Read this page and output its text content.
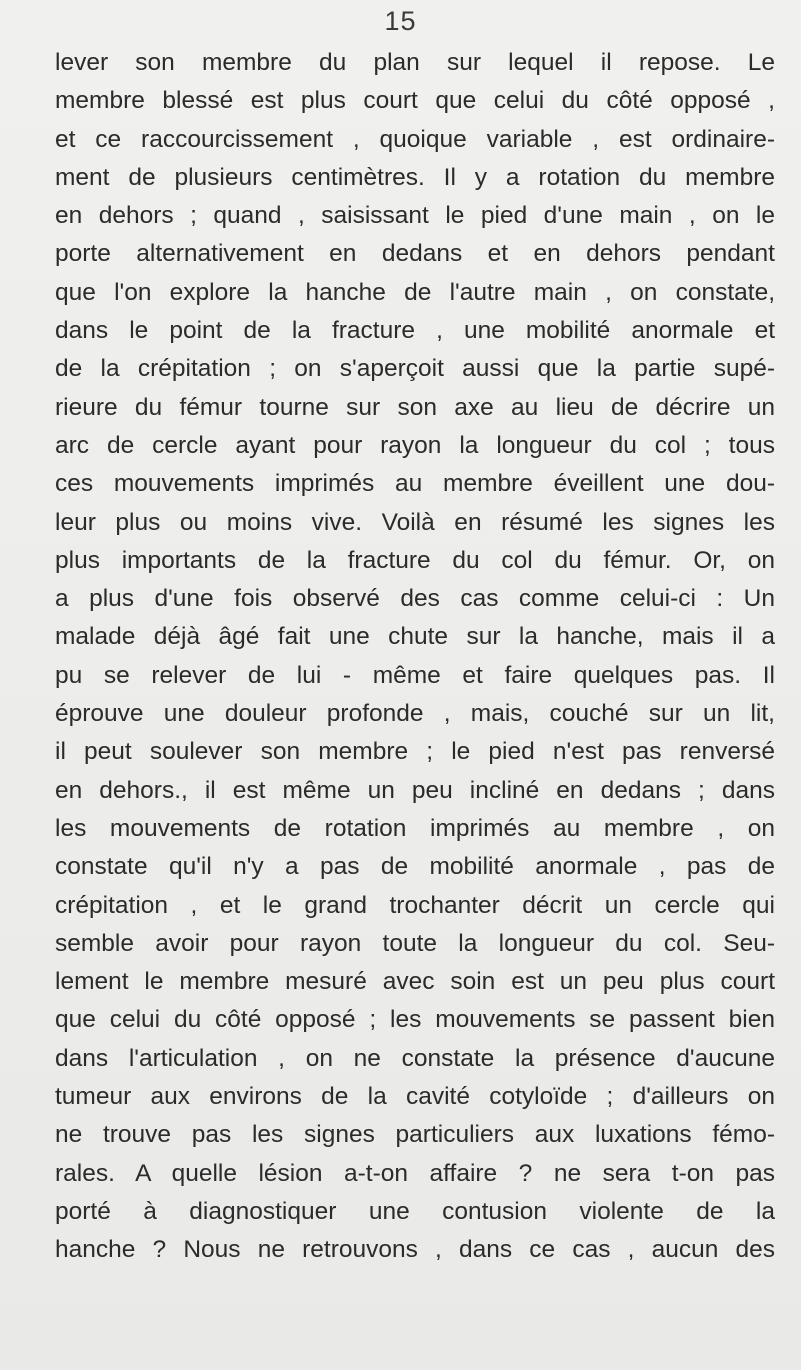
15
lever son membre du plan sur lequel il repose. Le
membre blessé est plus court que celui du côté opposé ,
et ce raccourcissement , quoique variable , est ordinaire-
ment de plusieurs centimètres. Il y a rotation du membre
en dehors ; quand , saisissant le pied d'une main , on le
porte alternativement en dedans et en dehors pendant
que l'on explore la hanche de l'autre main , on constate,
dans le point de la fracture , une mobilité anormale et
de la crépitation ; on s'aperçoit aussi que la partie supé-
rieure du fémur tourne sur son axe au lieu de décrire un
arc de cercle ayant pour rayon la longueur du col ; tous
ces mouvements imprimés au membre éveillent une dou-
leur plus ou moins vive. Voilà en résumé les signes les
plus importants de la fracture du col du fémur. Or, on
a plus d'une fois observé des cas comme celui-ci : Un
malade déjà âgé fait une chute sur la hanche, mais il a
pu se relever de lui - même et faire quelques pas. Il
éprouve une douleur profonde , mais, couché sur un lit,
il peut soulever son membre ; le pied n'est pas renversé
en dehors., il est même un peu incliné en dedans ; dans
les mouvements de rotation imprimés au membre , on
constate qu'il n'y a pas de mobilité anormale , pas de
crépitation , et le grand trochanter décrit un cercle qui
semble avoir pour rayon toute la longueur du col. Seu-
lement le membre mesuré avec soin est un peu plus court
que celui du côté opposé ; les mouvements se passent bien
dans l'articulation , on ne constate la présence d'aucune
tumeur aux environs de la cavité cotyloïde ; d'ailleurs on
ne trouve pas les signes particuliers aux luxations fémo-
rales. A quelle lésion a-t-on affaire ? ne sera t-on pas
porté à diagnostiquer une contusion violente de la
hanche ? Nous ne retrouvons , dans ce cas , aucun des
